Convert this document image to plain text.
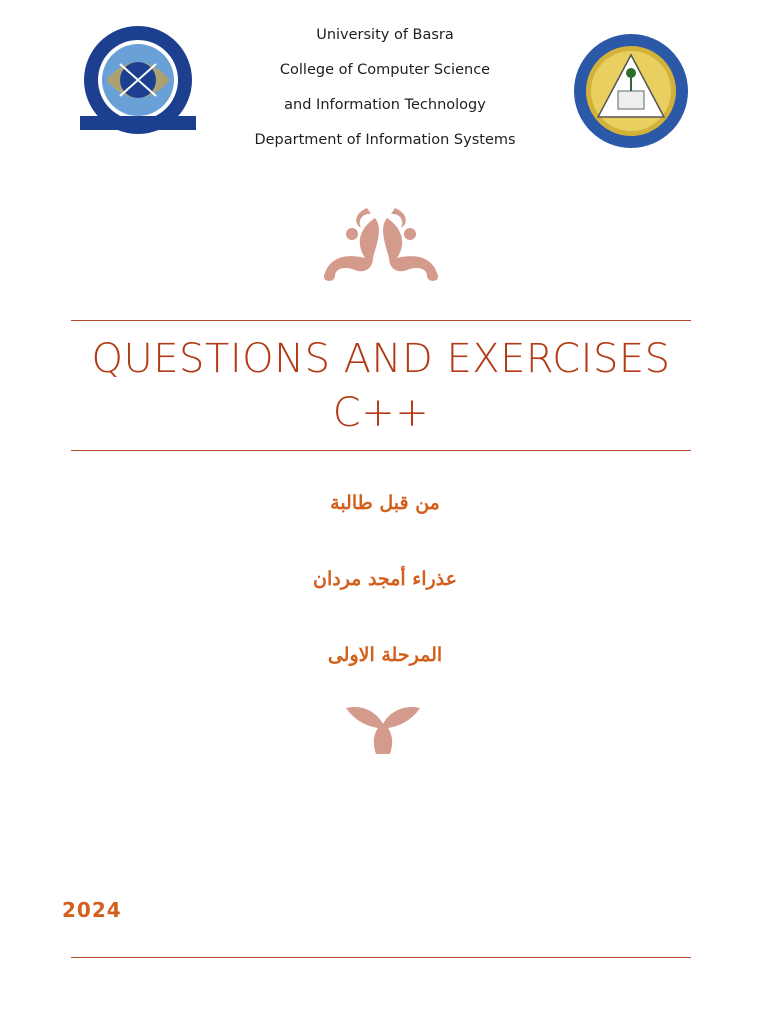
University of Basra
College of Computer Science
and Information Technology
Department of Information Systems
QUESTIONS AND EXERCISES
C++
من قبل طالبة
عذراء أمجد مردان
المرحلة الاولى
2024
